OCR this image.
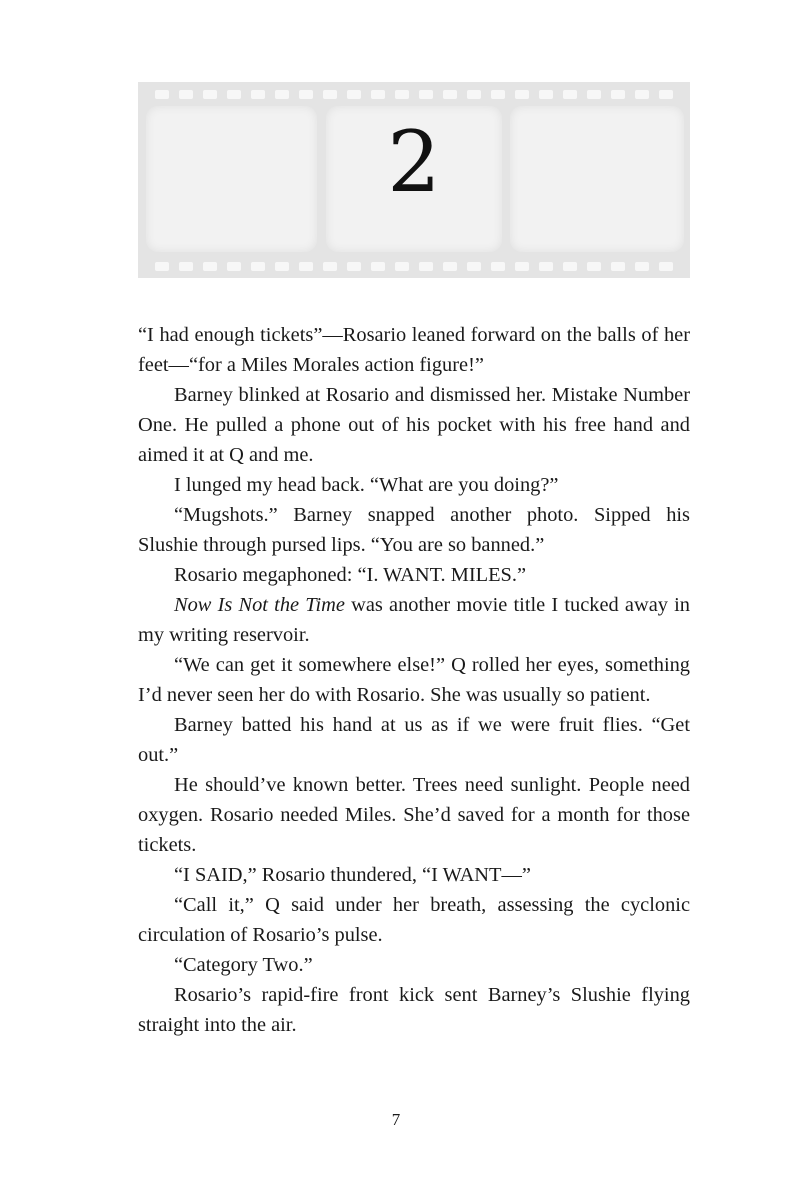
2

“I had enough tickets”—Rosario leaned forward on the balls of her feet—“for a Miles Morales action figure!”

Barney blinked at Rosario and dismissed her. Mistake Number One. He pulled a phone out of his pocket with his free hand and aimed it at Q and me.

I lunged my head back. “What are you doing?”

“Mugshots.” Barney snapped another photo. Sipped his Slushie through pursed lips. “You are so banned.”

Rosario megaphoned: “I. WANT. MILES.”

Now Is Not the Time was another movie title I tucked away in my writing reservoir.

“We can get it somewhere else!” Q rolled her eyes, something I’d never seen her do with Rosario. She was usually so patient.

Barney batted his hand at us as if we were fruit flies. “Get out.”

He should’ve known better. Trees need sunlight. People need oxygen. Rosario needed Miles. She’d saved for a month for those tickets.

“I SAID,” Rosario thundered, “I WANT—”

“Call it,” Q said under her breath, assessing the cyclonic circulation of Rosario’s pulse.

“Category Two.”

Rosario’s rapid-fire front kick sent Barney’s Slushie flying straight into the air.

7
